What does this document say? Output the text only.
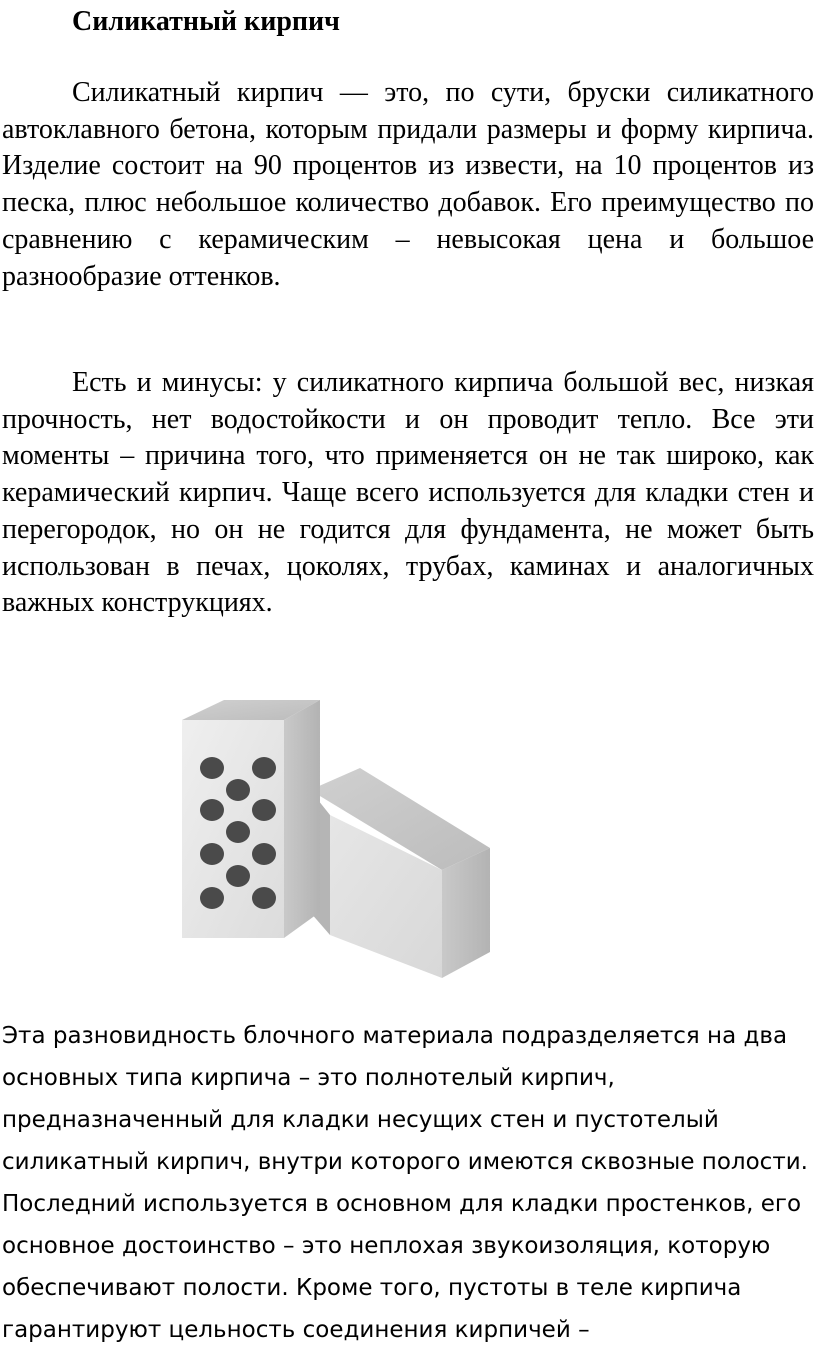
Силикатный кирпич

Силикатный кирпич — это, по сути, бруски силикатного автоклавного бетона, которым придали размеры и форму кирпича. Изделие состоит на 90 процентов из извести, на 10 процентов из песка, плюс небольшое количество добавок. Его преимущество по сравнению с керамическим – невысокая цена и большое разнообразие оттенков.

Есть и минусы: у силикатного кирпича большой вес, низкая прочность, нет водостойкости и он проводит тепло. Все эти моменты – причина того, что применяется он не так широко, как керамический кирпич. Чаще всего используется для кладки стен и перегородок, но он не годится для фундамента, не может быть использован в печах, цоколях, трубах, каминах и аналогичных важных конструкциях.

Эта разновидность блочного материала подразделяется на два основных типа кирпича – это полнотелый кирпич, предназначенный для кладки несущих стен и пустотелый силикатный кирпич, внутри которого имеются сквозные полости. Последний используется в основном для кладки простенков, его основное достоинство – это неплохая звукоизоляция, которую обеспечивают полости. Кроме того, пустоты в теле кирпича гарантируют цельность соединения кирпичей –
